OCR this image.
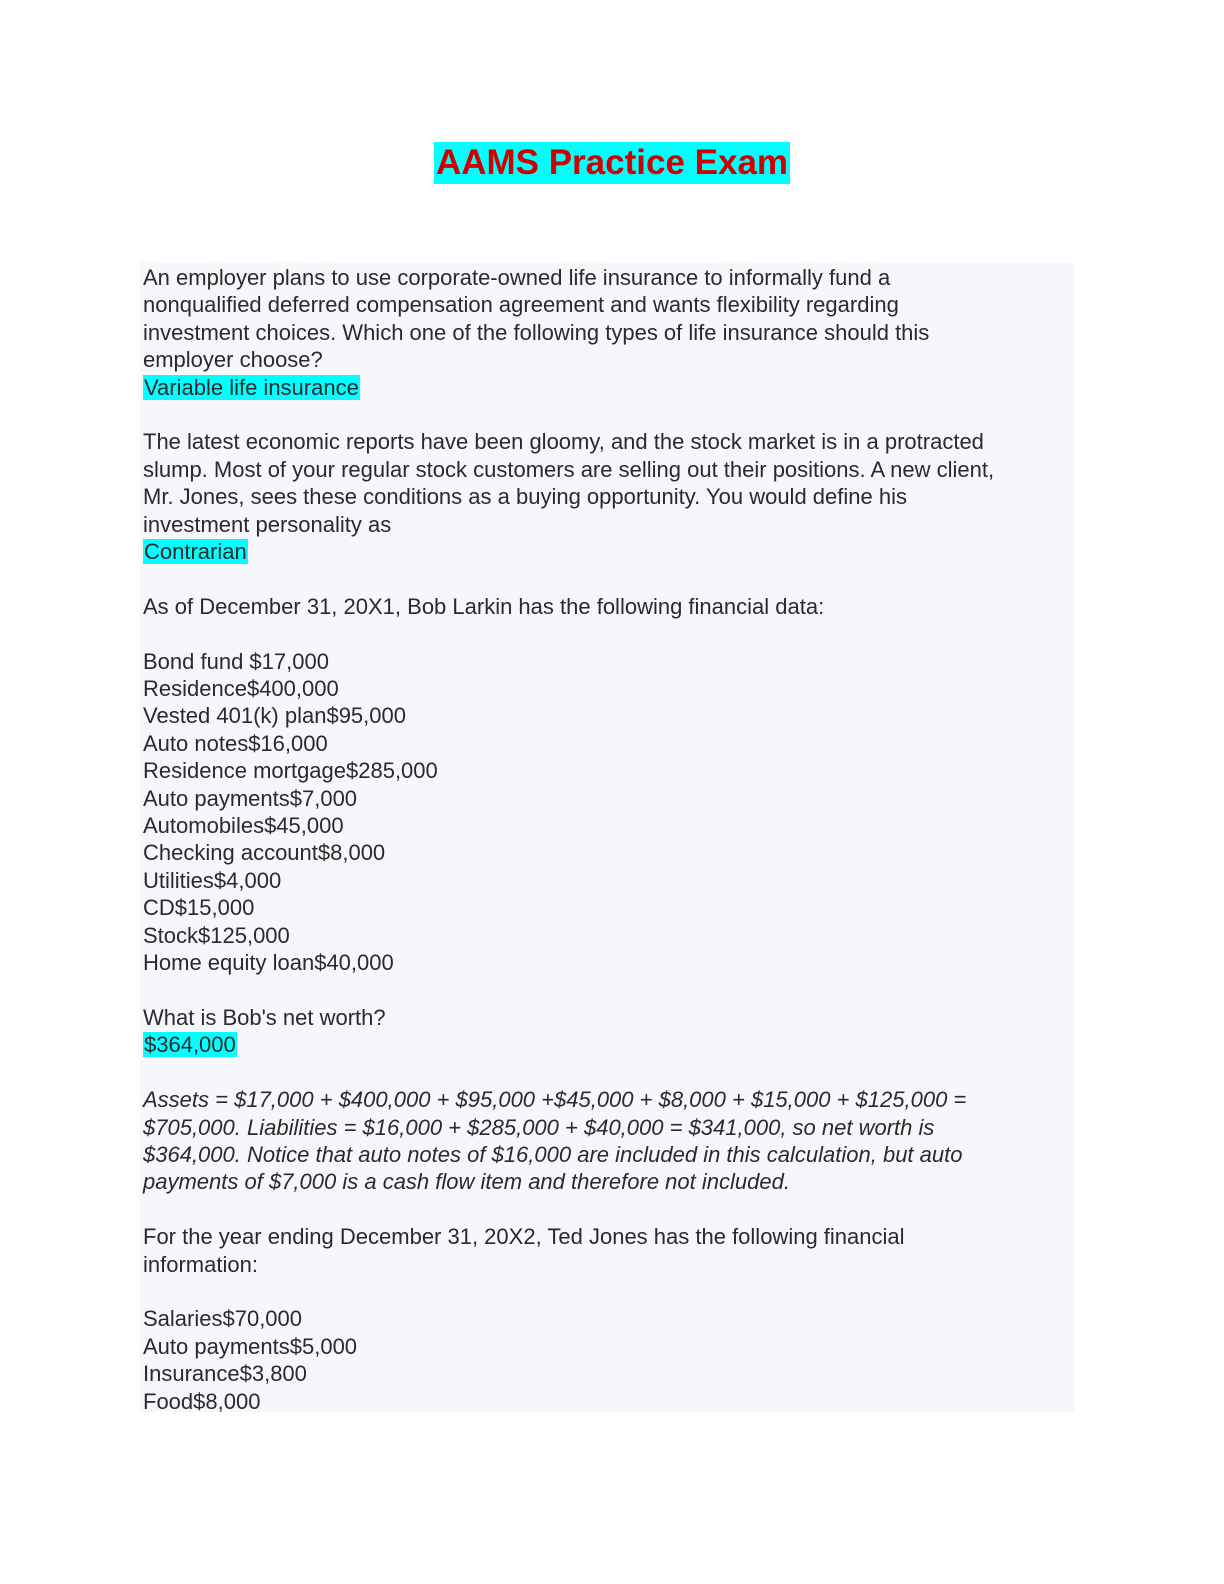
AAMS Practice Exam
An employer plans to use corporate-owned life insurance to informally fund a
nonqualified deferred compensation agreement and wants flexibility regarding
investment choices. Which one of the following types of life insurance should this
employer choose?
Variable life insurance
The latest economic reports have been gloomy, and the stock market is in a protracted
slump. Most of your regular stock customers are selling out their positions. A new client,
Mr. Jones, sees these conditions as a buying opportunity. You would define his
investment personality as
Contrarian
As of December 31, 20X1, Bob Larkin has the following financial data:
Bond fund $17,000
Residence$400,000
Vested 401(k) plan$95,000
Auto notes$16,000
Residence mortgage$285,000
Auto payments$7,000
Automobiles$45,000
Checking account$8,000
Utilities$4,000
CD$15,000
Stock$125,000
Home equity loan$40,000
What is Bob's net worth?
$364,000
Assets = $17,000 + $400,000 + $95,000 +$45,000 + $8,000 + $15,000 + $125,000 =
$705,000. Liabilities = $16,000 + $285,000 + $40,000 = $341,000, so net worth is
$364,000. Notice that auto notes of $16,000 are included in this calculation, but auto
payments of $7,000 is a cash flow item and therefore not included.
For the year ending December 31, 20X2, Ted Jones has the following financial
information:
Salaries$70,000
Auto payments$5,000
Insurance$3,800
Food$8,000
